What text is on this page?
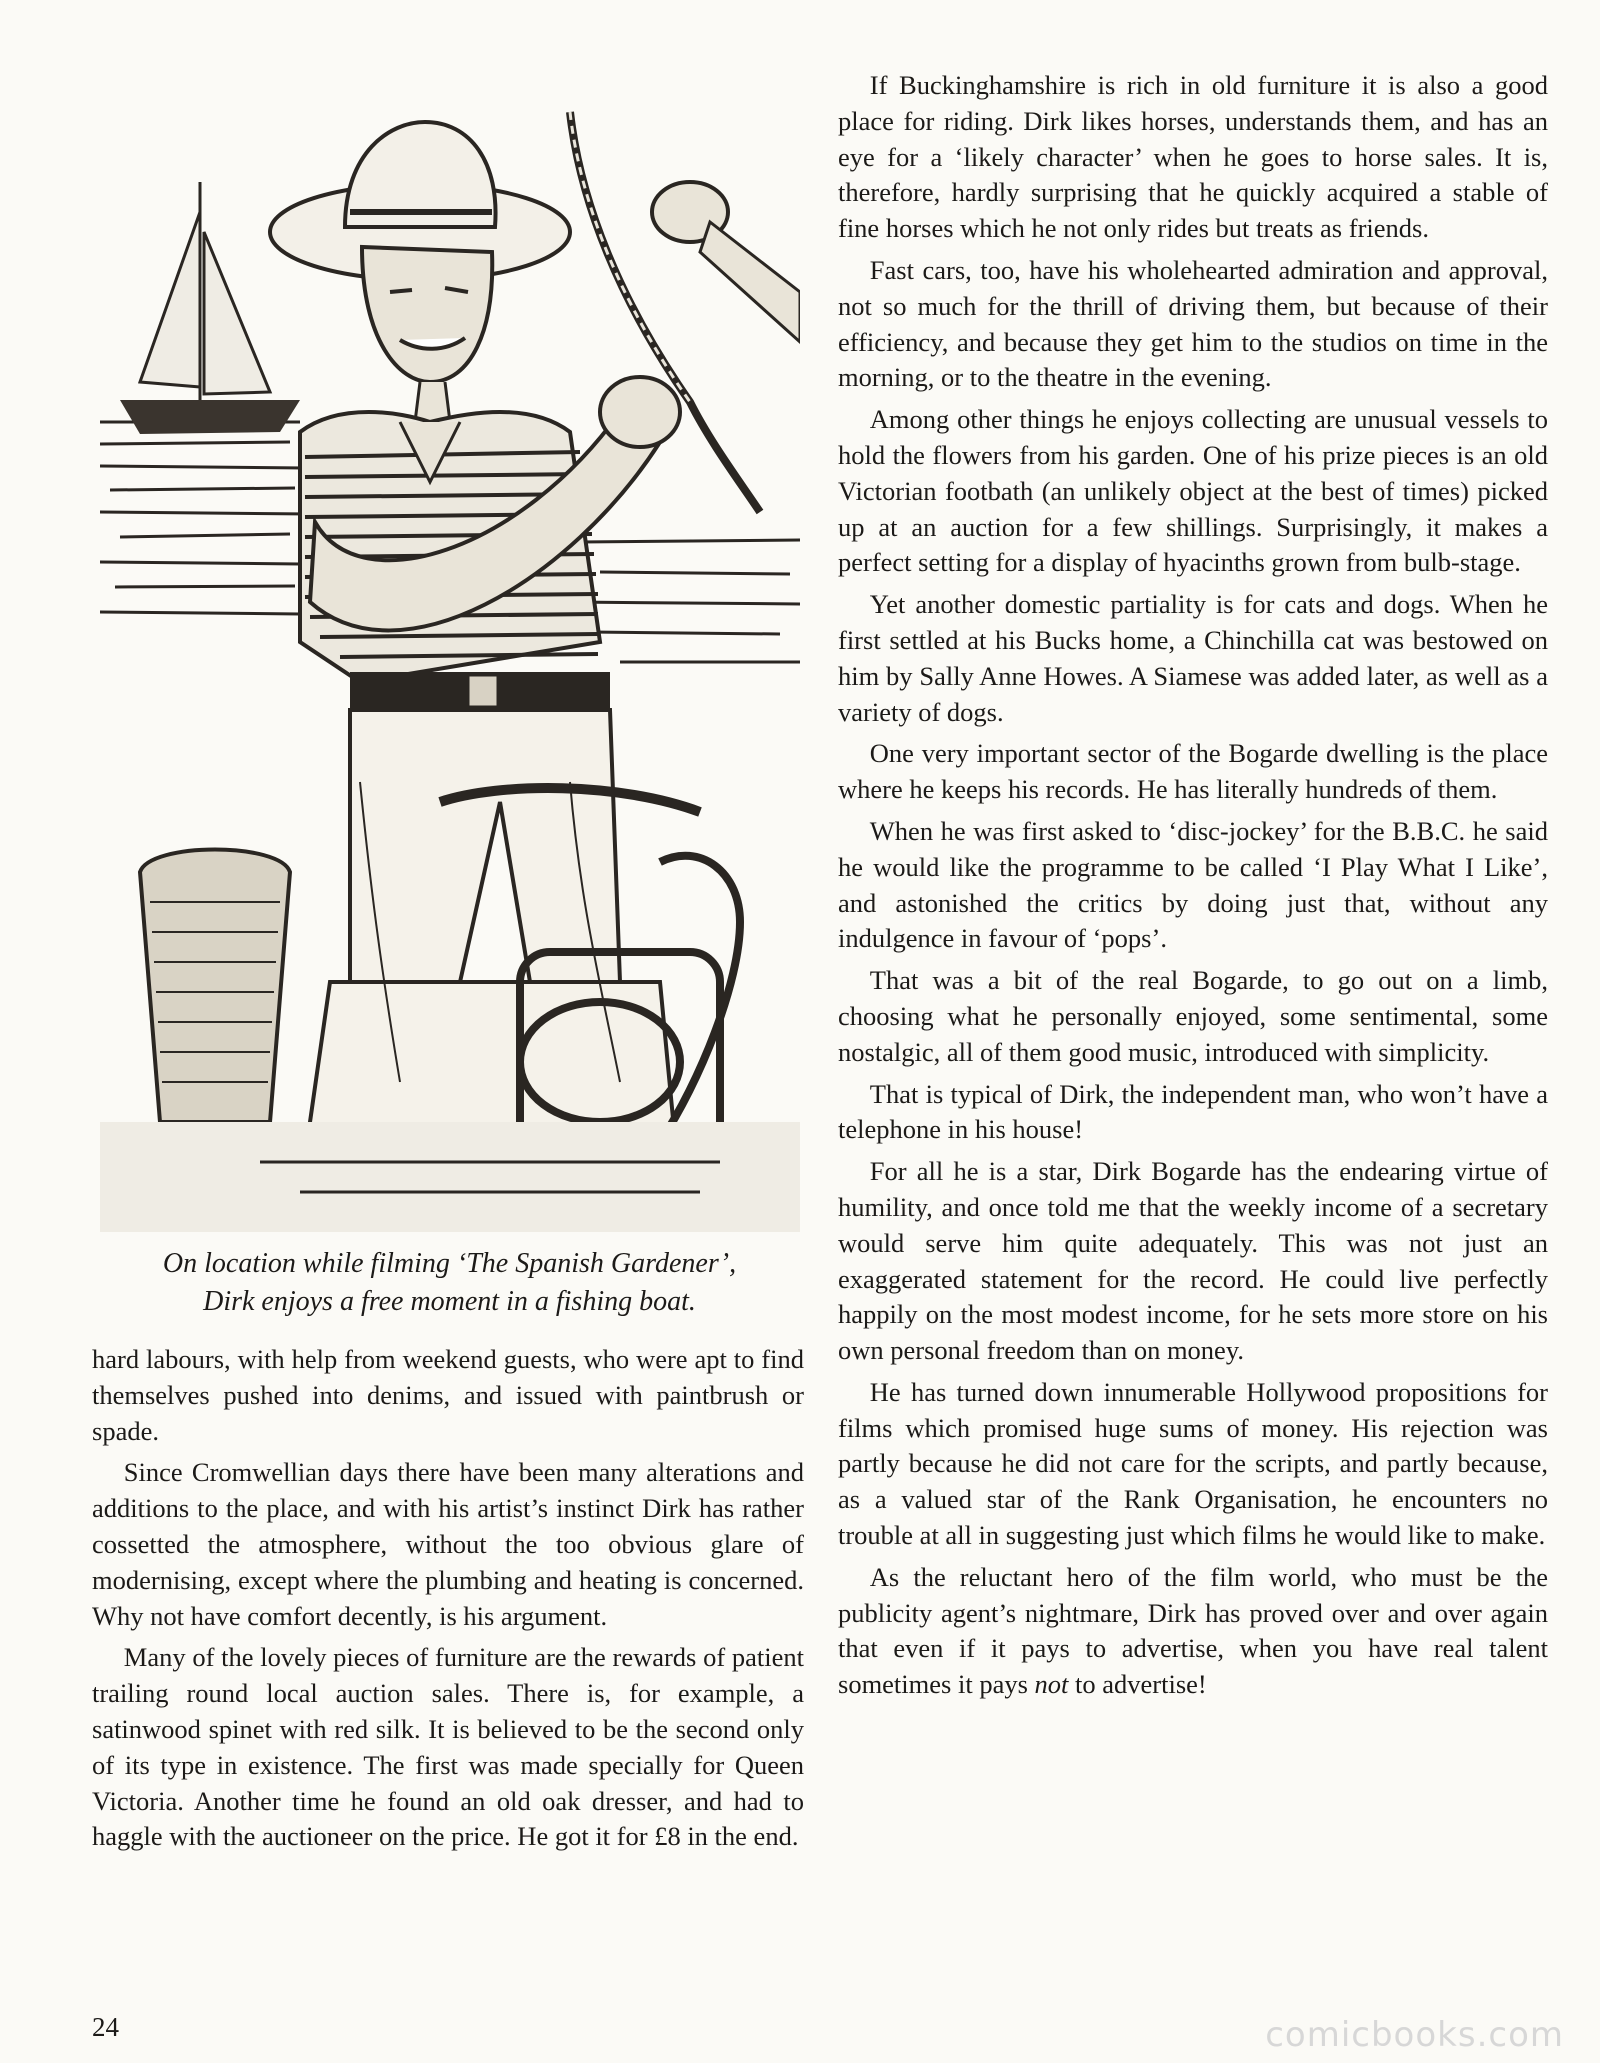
On location while filming ‘The Spanish Gardener’,
Dirk enjoys a free moment in a fishing boat.

hard labours, with help from weekend guests, who were apt to find themselves pushed into denims, and issued with paintbrush or spade.

Since Cromwellian days there have been many alterations and additions to the place, and with his artist’s instinct Dirk has rather cossetted the atmosphere, without the too obvious glare of modernising, except where the plumbing and heating is concerned. Why not have comfort decently, is his argument.

Many of the lovely pieces of furniture are the rewards of patient trailing round local auction sales. There is, for example, a satinwood spinet with red silk. It is believed to be the second only of its type in existence. The first was made specially for Queen Victoria. Another time he found an old oak dresser, and had to haggle with the auctioneer on the price. He got it for £8 in the end.

If Buckinghamshire is rich in old furniture it is also a good place for riding. Dirk likes horses, understands them, and has an eye for a ‘likely character’ when he goes to horse sales. It is, therefore, hardly surprising that he quickly acquired a stable of fine horses which he not only rides but treats as friends.

Fast cars, too, have his wholehearted admiration and approval, not so much for the thrill of driving them, but because of their efficiency, and because they get him to the studios on time in the morning, or to the theatre in the evening.

Among other things he enjoys collecting are unusual vessels to hold the flowers from his garden. One of his prize pieces is an old Victorian footbath (an unlikely object at the best of times) picked up at an auction for a few shillings. Surprisingly, it makes a perfect setting for a display of hyacinths grown from bulb-stage.

Yet another domestic partiality is for cats and dogs. When he first settled at his Bucks home, a Chinchilla cat was bestowed on him by Sally Anne Howes. A Siamese was added later, as well as a variety of dogs.

One very important sector of the Bogarde dwelling is the place where he keeps his records. He has literally hundreds of them.

When he was first asked to ‘disc-jockey’ for the B.B.C. he said he would like the programme to be called ‘I Play What I Like’, and astonished the critics by doing just that, without any indulgence in favour of ‘pops’.

That was a bit of the real Bogarde, to go out on a limb, choosing what he personally enjoyed, some sentimental, some nostalgic, all of them good music, introduced with simplicity.

That is typical of Dirk, the independent man, who won’t have a telephone in his house!

For all he is a star, Dirk Bogarde has the endearing virtue of humility, and once told me that the weekly income of a secretary would serve him quite adequately. This was not just an exaggerated statement for the record. He could live perfectly happily on the most modest income, for he sets more store on his own personal freedom than on money.

He has turned down innumerable Hollywood propositions for films which promised huge sums of money. His rejection was partly because he did not care for the scripts, and partly because, as a valued star of the Rank Organisation, he encounters no trouble at all in suggesting just which films he would like to make.

As the reluctant hero of the film world, who must be the publicity agent’s nightmare, Dirk has proved over and over again that even if it pays to advertise, when you have real talent sometimes it pays not to advertise!

24	comicbooks.com
